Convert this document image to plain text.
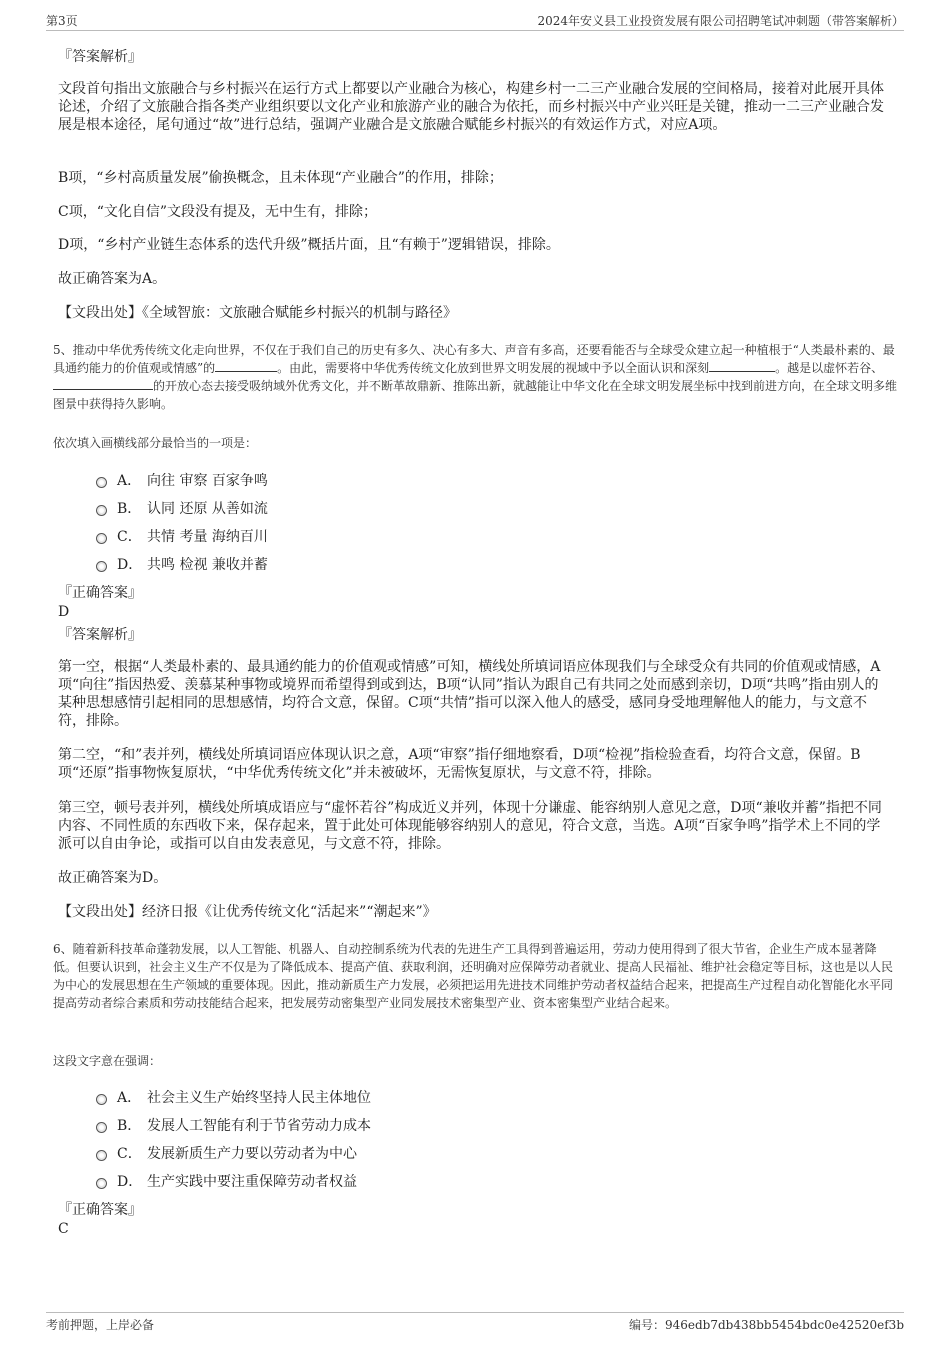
第3页	2024年安义县工业投资发展有限公司招聘笔试冲刺题（带答案解析）
『答案解析』
文段首句指出文旅融合与乡村振兴在运行方式上都要以产业融合为核心，构建乡村一二三产业融合发展的空间格局，接着对此展开具体论述，介绍了文旅融合指各类产业组织要以文化产业和旅游产业的融合为依托，而乡村振兴中产业兴旺是关键，推动一二三产业融合发展是根本途径，尾句通过“故”进行总结，强调产业融合是文旅融合赋能乡村振兴的有效运作方式，对应A项。
B项，“乡村高质量发展”偷换概念，且未体现“产业融合”的作用，排除；
C项，“文化自信”文段没有提及，无中生有，排除；
D项，“乡村产业链生态体系的迭代升级”概括片面，且“有赖于”逻辑错误，排除。
故正确答案为A。
【文段出处】《全域智旅：文旅融合赋能乡村振兴的机制与路径》
5、推动中华优秀传统文化走向世界，不仅在于我们自己的历史有多久、决心有多大、声音有多高，还要看能否与全球受众建立起一种植根于“人类最朴素的、最具通约能力的价值观或情感”的	。由此，需要将中华优秀传统文化放到世界文明发展的视域中予以全面认识和深刻	。越是以虚怀若谷、的开放心态去接受吸纳域外优秀文化，并不断革故鼎新、推陈出新，就越能让中华文化在全球文明发展坐标中找到前进方向，在全球文明多维图景中获得持久影响。
依次填入画横线部分最恰当的一项是：
A． 向往 审察 百家争鸣
B． 认同 还原 从善如流
C． 共情 考量 海纳百川
D． 共鸣 检视 兼收并蓄
『正确答案』
D
『答案解析』
第一空，根据“人类最朴素的、最具通约能力的价值观或情感”可知，横线处所填词语应体现我们与全球受众有共同的价值观或情感，A项“向往”指因热爱、羡慕某种事物或境界而希望得到或到达，B项“认同”指认为跟自己有共同之处而感到亲切，D项“共鸣”指由别人的某种思想感情引起相同的思想感情，均符合文意，保留。C项“共情”指可以深入他人的感受，感同身受地理解他人的能力，与文意不符，排除。
第二空，“和”表并列，横线处所填词语应体现认识之意，A项“审察”指仔细地察看，D项“检视”指检验查看，均符合文意，保留。B项“还原”指事物恢复原状，“中华优秀传统文化”并未被破坏，无需恢复原状，与文意不符，排除。
第三空，顿号表并列，横线处所填成语应与“虚怀若谷”构成近义并列，体现十分谦虚、能容纳别人意见之意，D项“兼收并蓄”指把不同内容、不同性质的东西收下来，保存起来，置于此处可体现能够容纳别人的意见，符合文意，当选。A项“百家争鸣”指学术上不同的学派可以自由争论，或指可以自由发表意见，与文意不符，排除。
故正确答案为D。
【文段出处】经济日报《让优秀传统文化“活起来”“潮起来”》
6、随着新科技革命蓬勃发展，以人工智能、机器人、自动控制系统为代表的先进生产工具得到普遍运用，劳动力使用得到了很大节省，企业生产成本显著降低。但要认识到，社会主义生产不仅是为了降低成本、提高产值、获取利润，还明确对应保障劳动者就业、提高人民福祉、维护社会稳定等目标，这也是以人民为中心的发展思想在生产领域的重要体现。因此，推动新质生产力发展，必须把运用先进技术同维护劳动者权益结合起来，把提高生产过程自动化智能化水平同提高劳动者综合素质和劳动技能结合起来，把发展劳动密集型产业同发展技术密集型产业、资本密集型产业结合起来。
这段文字意在强调：
A． 社会主义生产始终坚持人民主体地位
B． 发展人工智能有利于节省劳动力成本
C． 发展新质生产力要以劳动者为中心
D． 生产实践中要注重保障劳动者权益
『正确答案』
C
考前押题，上岸必备	编号：946edb7db438bb5454bdc0e42520ef3b
